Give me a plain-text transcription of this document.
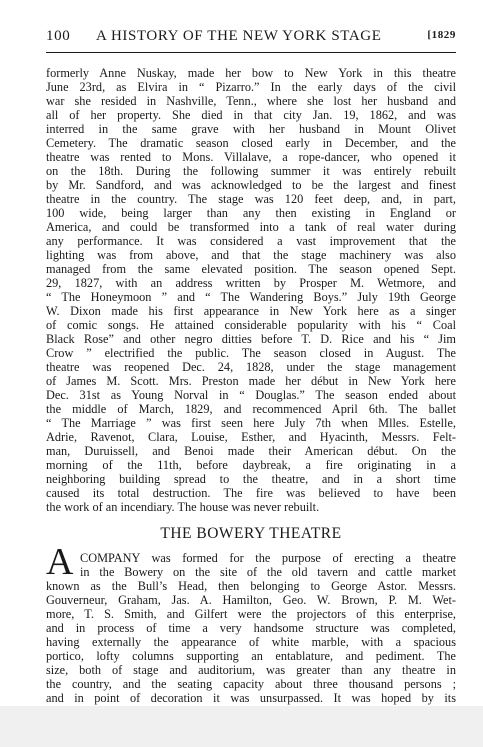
100 A HISTORY OF THE NEW YORK STAGE	[1829
formerly Anne Nuskay, made her bow to New York in this theatre
June 23rd, as Elvira in “ Pizarro.” In the early days of the civil
war she resided in Nashville, Tenn., where she lost her husband and
all of her property. She died in that city Jan. 19, 1862, and was
interred in the same grave with her husband in Mount Olivet
Cemetery. The dramatic season closed early in December, and the
theatre was rented to Mons. Villalave, a rope-dancer, who opened it
on the 18th. During the following summer it was entirely rebuilt
by Mr. Sandford, and was acknowledged to be the largest and finest
theatre in the country. The stage was 120 feet deep, and, in part,
100 wide, being larger than any then existing in England or
America, and could be transformed into a tank of real water during
any performance. It was considered a vast improvement that the
lighting was from above, and that the stage machinery was also
managed from the same elevated position. The season opened Sept.
29, 1827, with an address written by Prosper M. Wetmore, and
“ The Honeymoon ” and “ The Wandering Boys.” July 19th George
W. Dixon made his first appearance in New York here as a singer
of comic songs. He attained considerable popularity with his “ Coal
Black Rose” and other negro ditties before T. D. Rice and his “ Jim
Crow ” electrified the public. The season closed in August. The
theatre was reopened Dec. 24, 1828, under the stage management
of James M. Scott. Mrs. Preston made her début in New York here
Dec. 31st as Young Norval in “ Douglas.” The season ended about
the middle of March, 1829, and recommenced April 6th. The ballet
“ The Marriage ” was first seen here July 7th when Mlles. Estelle,
Adrie, Ravenot, Clara, Louise, Esther, and Hyacinth, Messrs. Felt-
man, Duruissell, and Benoi made their American début. On the
morning of the 11th, before daybreak, a fire originating in a
neighboring building spread to the theatre, and in a short time
caused its total destruction. The fire was believed to have been
the work of an incendiary. The house was never rebuilt.
THE BOWERY THEATRE
A COMPANY was formed for the purpose of erecting a theatre
in the Bowery on the site of the old tavern and cattle market
known as the Bull’s Head, then belonging to George Astor. Messrs.
Gouverneur, Graham, Jas. A. Hamilton, Geo. W. Brown, P. M. Wet-
more, T. S. Smith, and Gilfert were the projectors of this enterprise,
and in process of time a very handsome structure was completed,
having externally the appearance of white marble, with a spacious
portico, lofty columns supporting an entablature, and pediment. The
size, both of stage and auditorium, was greater than any theatre in
the country, and the seating capacity about three thousand persons ;
and in point of decoration it was unsurpassed. It was hoped by its
